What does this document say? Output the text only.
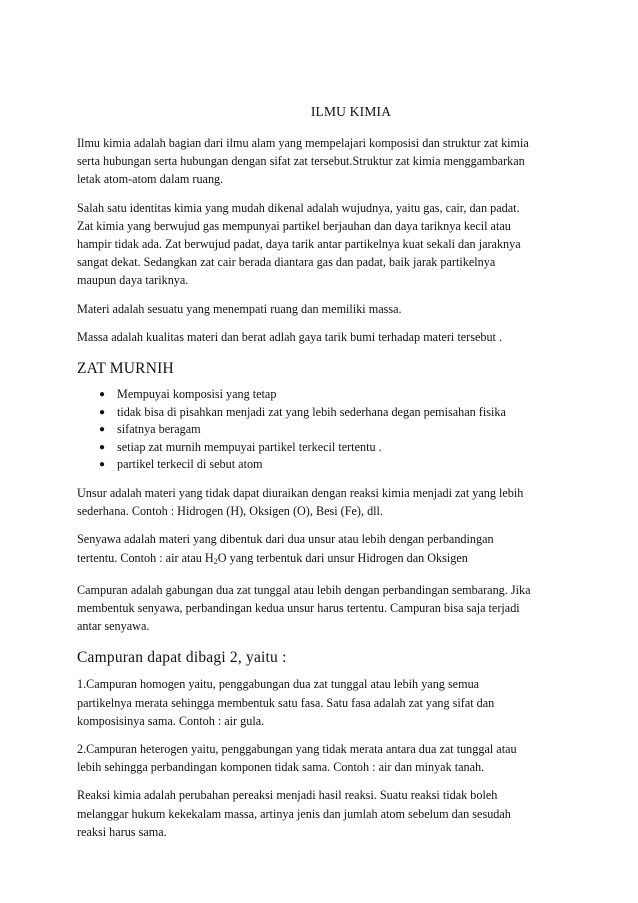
ILMU KIMIA

Ilmu kimia adalah bagian dari ilmu alam yang mempelajari komposisi dan struktur zat kimia
serta hubungan serta hubungan dengan sifat zat tersebut.Struktur zat kimia menggambarkan
letak atom-atom dalam ruang.

Salah satu identitas kimia yang mudah dikenal adalah wujudnya, yaitu gas, cair, dan padat.
Zat kimia yang berwujud gas mempunyai partikel berjauhan dan daya tariknya kecil atau
hampir tidak ada. Zat berwujud padat, daya tarik antar partikelnya kuat sekali dan jaraknya
sangat dekat. Sedangkan zat cair berada diantara gas dan padat, baik jarak partikelnya
maupun daya tariknya.

Materi adalah sesuatu yang menempati ruang dan memiliki massa.

Massa adalah kualitas materi dan berat adlah gaya tarik bumi terhadap materi tersebut .

ZAT MURNIH
● Mempuyai komposisi yang tetap
● tidak bisa di pisahkan menjadi zat yang lebih sederhana degan pemisahan fisika
● sifatnya beragam
● setiap zat murnih mempuyai partikel terkecil tertentu .
● partikel terkecil di sebut atom

Unsur adalah materi yang tidak dapat diuraikan dengan reaksi kimia menjadi zat yang lebih
sederhana. Contoh : Hidrogen (H), Oksigen (O), Besi (Fe), dll.

Senyawa adalah materi yang dibentuk dari dua unsur atau lebih dengan perbandingan
tertentu. Contoh : air atau $H_2O$ yang terbentuk dari unsur Hidrogen dan Oksigen

Campuran adalah gabungan dua zat tunggal atau lebih dengan perbandingan sembarang. Jika
membentuk senyawa, perbandingan kedua unsur harus tertentu. Campuran bisa saja terjadi
antar senyawa.

Campuran dapat dibagi 2, yaitu :

1.Campuran homogen yaitu, penggabungan dua zat tunggal atau lebih yang semua
partikelnya merata sehingga membentuk satu fasa. Satu fasa adalah zat yang sifat dan
komposisinya sama. Contoh : air gula.

2.Campuran heterogen yaitu, penggabungan yang tidak merata antara dua zat tunggal atau
lebih sehingga perbandingan komponen tidak sama. Contoh : air dan minyak tanah.

Reaksi kimia adalah perubahan pereaksi menjadi hasil reaksi. Suatu reaksi tidak boleh
melanggar hukum kekekalam massa, artinya jenis dan jumlah atom sebelum dan sesudah
reaksi harus sama.
